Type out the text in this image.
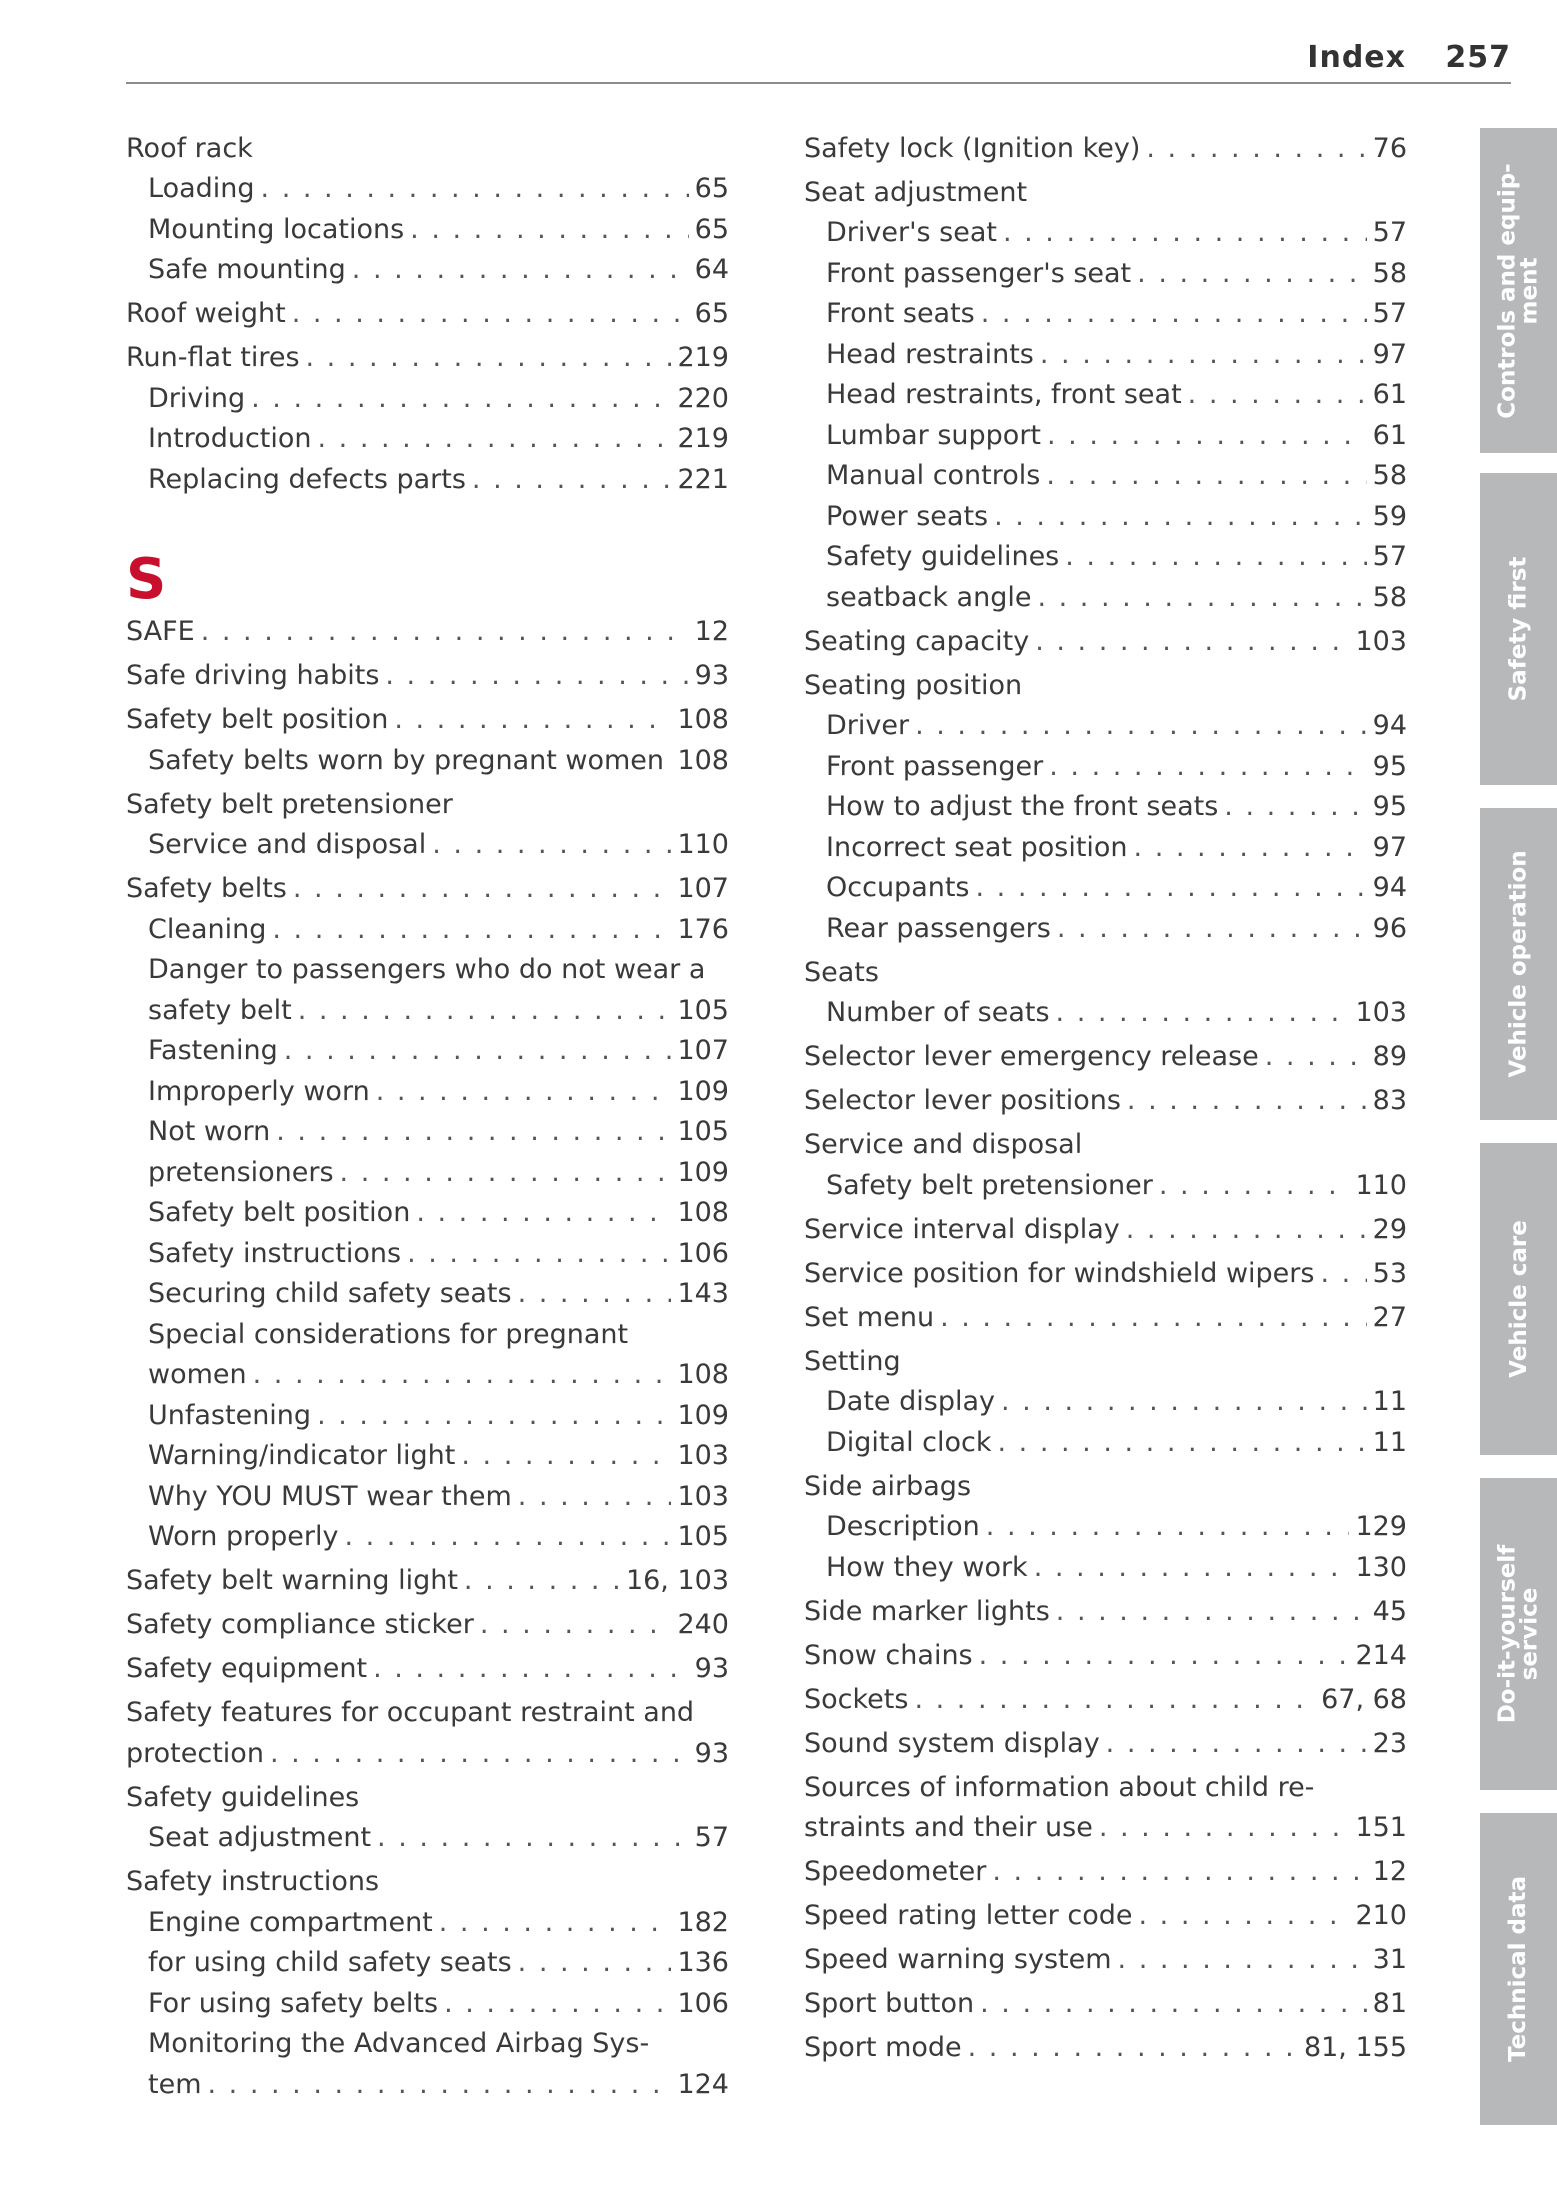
Index 257
Roof rack
Loading . . .	65
Mounting locations . . .	65
Safe mounting . . .	64
Roof weight . . .	65
Run-flat tires . . .	219
Driving . . .	220
Introduction . . .	219
Replacing defects parts . . .	221
S
SAFE . . .	12
Safe driving habits . . .	93
Safety belt position . . .	108
Safety belts worn by pregnant women . . . 108
Safety belt pretensioner
Service and disposal . . .	110
Safety belts . . .	107
Cleaning . . .	176
Danger to passengers who do not wear a
safety belt . . .	105
Fastening . . .	107
Improperly worn . . .	109
Not worn . . .	105
pretensioners . . .	109
Safety belt position . . .	108
Safety instructions . . .	106
Securing child safety seats . . .	143
Special considerations for pregnant
women . . .	108
Unfastening . . .	109
Warning/indicator light . . .	103
Why YOU MUST wear them . . .	103
Worn properly . . .	105
Safety belt warning light . . .	16, 103
Safety compliance sticker . . .	240
Safety equipment . . .	93
Safety features for occupant restraint and
protection . . .	93
Safety guidelines
Seat adjustment . . .	57
Safety instructions
Engine compartment . . .	182
for using child safety seats . . .	136
For using safety belts . . .	106
Monitoring the Advanced Airbag Sys-
tem . . .	124
Safety lock (Ignition key) . . .	76
Seat adjustment
Driver's seat . . .	57
Front passenger's seat . . .	58
Front seats . . .	57
Head restraints . . .	97
Head restraints, front seat . . .	61
Lumbar support . . .	61
Manual controls . . .	58
Power seats . . .	59
Safety guidelines . . .	57
seatback angle . . .	58
Seating capacity . . .	103
Seating position
Driver . . .	94
Front passenger . . .	95
How to adjust the front seats . . .	95
Incorrect seat position . . .	97
Occupants . . .	94
Rear passengers . . .	96
Seats
Number of seats . . .	103
Selector lever emergency release . . .	89
Selector lever positions . . .	83
Service and disposal
Safety belt pretensioner . . .	110
Service interval display . . .	29
Service position for windshield wipers . . . 53
Set menu . . .	27
Setting
Date display . . .	11
Digital clock . . .	11
Side airbags
Description . . .	129
How they work . . .	130
Side marker lights . . .	45
Snow chains . . .	214
Sockets . . .	67, 68
Sound system display . . .	23
Sources of information about child re-
straints and their use . . .	151
Speedometer . . .	12
Speed rating letter code . . .	210
Speed warning system . . .	31
Sport button . . .	81
Sport mode . . .	81, 155
Controls and equip-
ment
Safety first
Vehicle operation
Vehicle care
Do-it-yourself
service
Technical data
